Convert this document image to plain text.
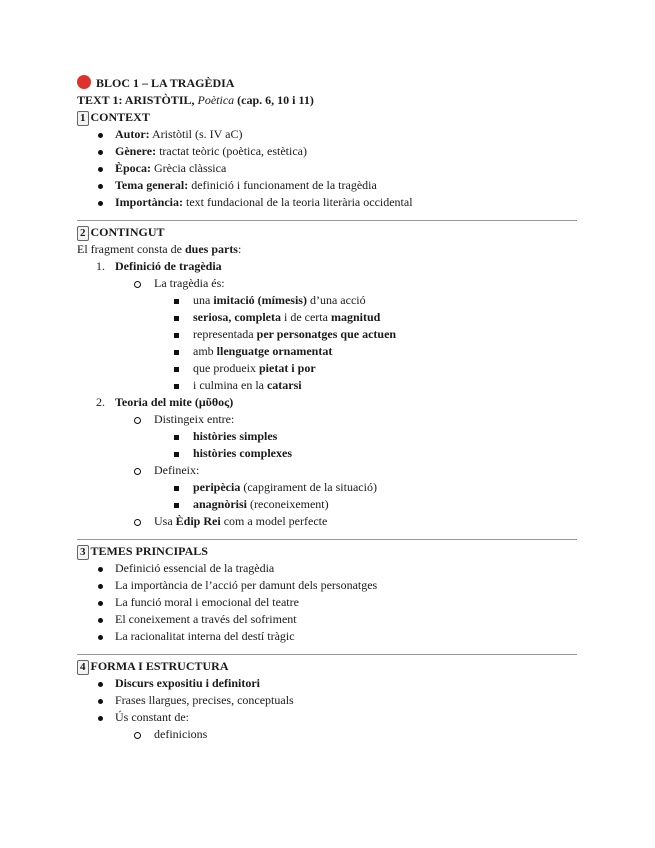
BLOC 1 – LA TRAGÈDIA
TEXT 1: ARISTÒTIL, Poètica (cap. 6, 10 i 11)
1 CONTEXT
Autor: Aristòtil (s. IV aC)
Gènere: tractat teòric (poètica, estètica)
Època: Grècia clàssica
Tema general: definició i funcionament de la tragèdia
Importància: text fundacional de la teoria literària occidental
2 CONTINGUT
El fragment consta de dues parts:
1. Definició de tragèdia
La tragèdia és:
una imitació (mímesis) d’una acció
seriosa, completa i de certa magnitud
representada per personatges que actuen
amb llenguatge ornamentat
que produeix pietat i por
i culmina en la catarsi
2. Teoria del mite (μῦθος)
Distingeix entre:
històries simples
històries complexes
Defineix:
peripècia (capgirament de la situació)
anagnòrisi (reconeixement)
Usa Èdip Rei com a model perfecte
3 TEMES PRINCIPALS
Definició essencial de la tragèdia
La importància de l’acció per damunt dels personatges
La funció moral i emocional del teatre
El coneixement a través del sofriment
La racionalitat interna del destí tràgic
4 FORMA I ESTRUCTURA
Discurs expositiu i definitori
Frases llargues, precises, conceptuals
Ús constant de:
definicions
